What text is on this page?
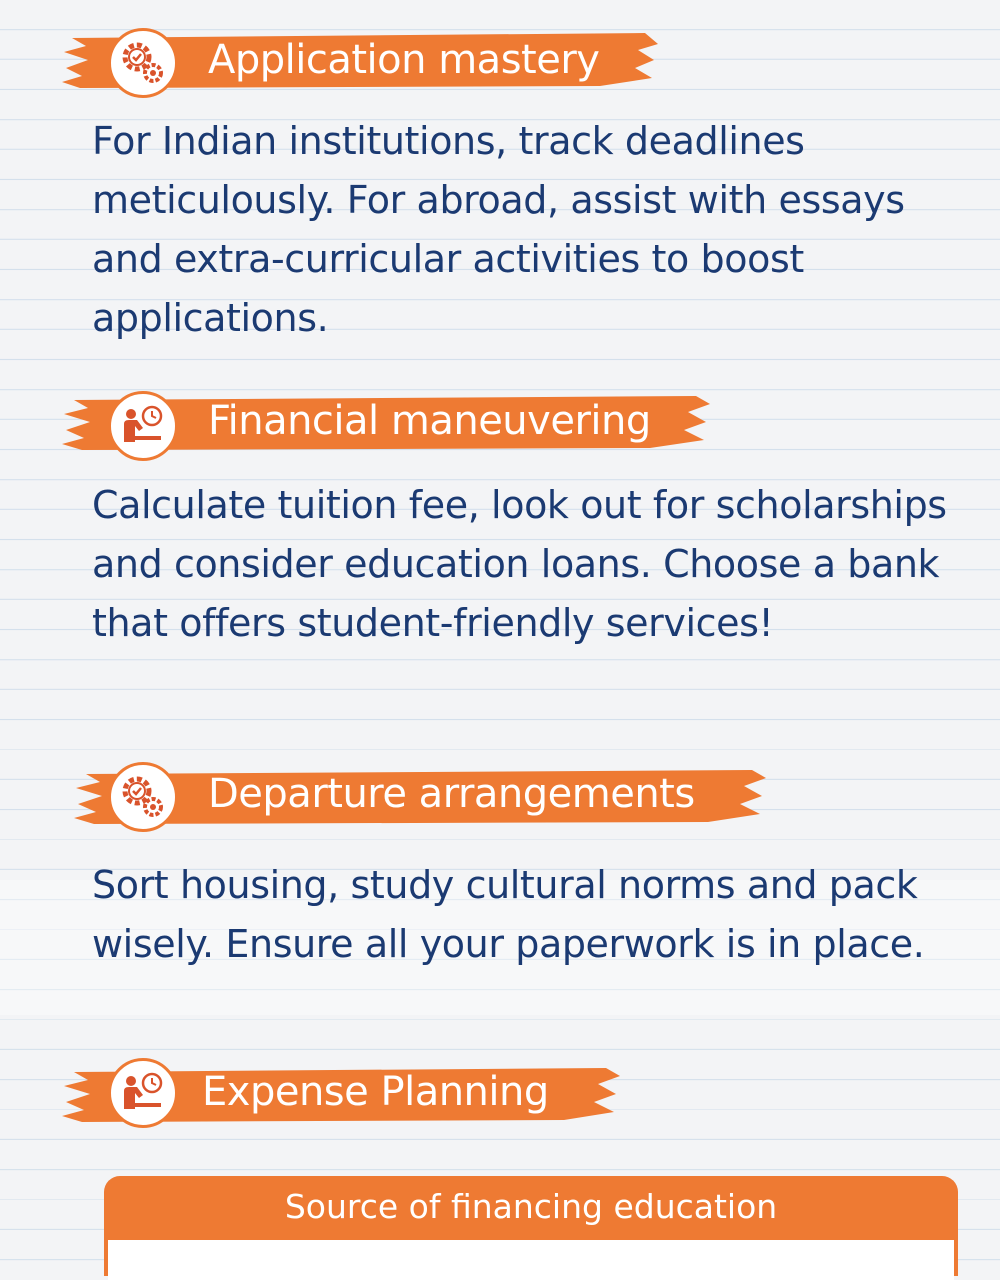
Application mastery

For Indian institutions, track deadlines meticulously. For abroad, assist with essays and extra-curricular activities to boost applications.

Financial maneuvering

Calculate tuition fee, look out for scholarships and consider education loans. Choose a bank that offers student-friendly services!

Departure arrangements

Sort housing, study cultural norms and pack wisely. Ensure all your paperwork is in place.

Expense Planning
Source of financing education
